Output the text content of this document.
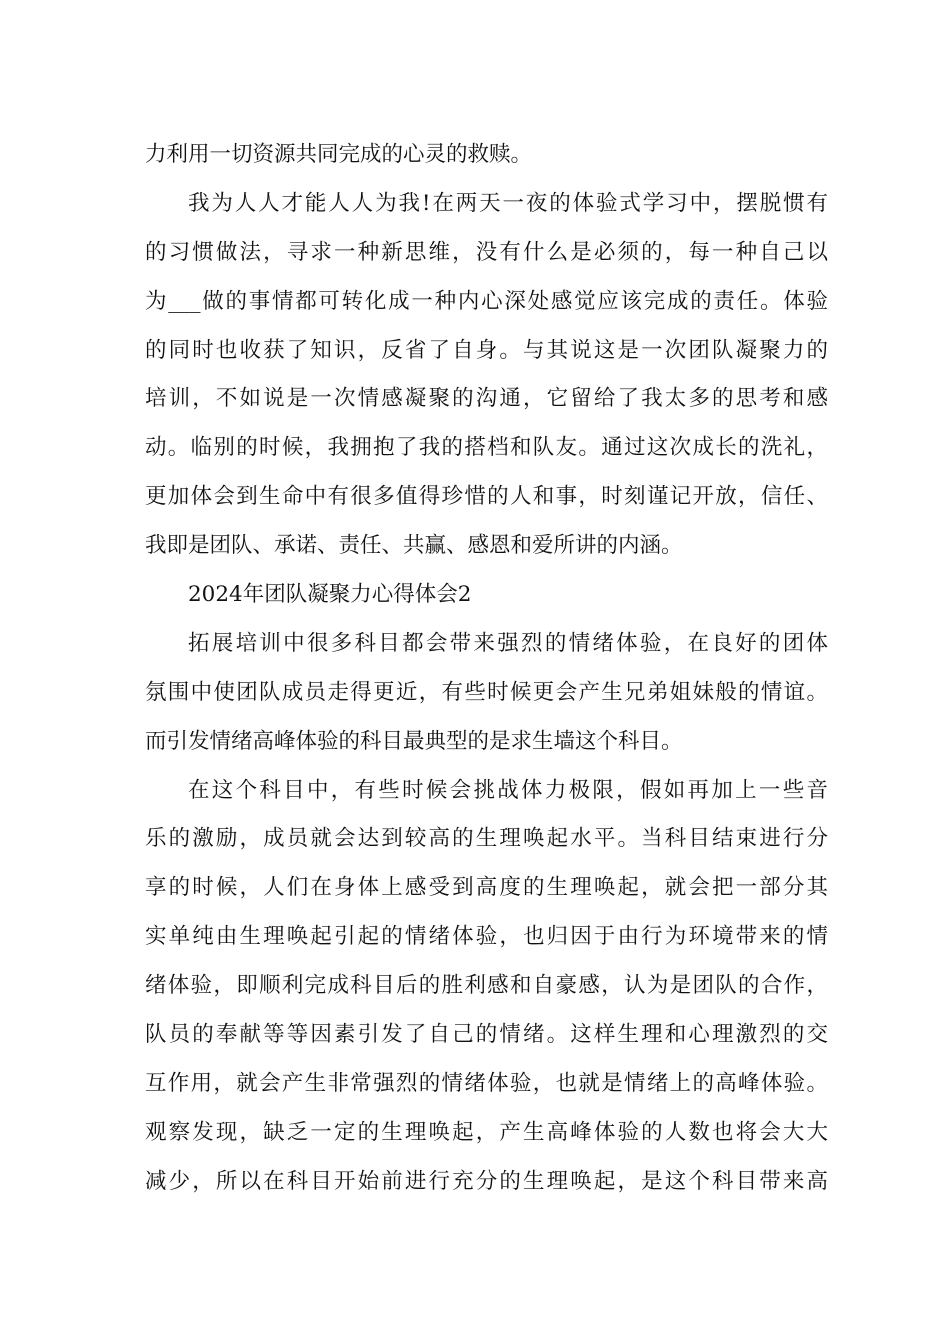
力利用一切资源共同完成的心灵的救赎。
我为人人才能人人为我!在两天一夜的体验式学习中，摆脱惯有
的习惯做法，寻求一种新思维，没有什么是必须的，每一种自己以
为___做的事情都可转化成一种内心深处感觉应该完成的责任。体验
的同时也收获了知识，反省了自身。与其说这是一次团队凝聚力的
培训，不如说是一次情感凝聚的沟通，它留给了我太多的思考和感
动。临别的时候，我拥抱了我的搭档和队友。通过这次成长的洗礼，
更加体会到生命中有很多值得珍惜的人和事，时刻谨记开放，信任、
我即是团队、承诺、责任、共赢、感恩和爱所讲的内涵。
2024年团队凝聚力心得体会2
拓展培训中很多科目都会带来强烈的情绪体验，在良好的团体
氛围中使团队成员走得更近，有些时候更会产生兄弟姐妹般的情谊。
而引发情绪高峰体验的科目最典型的是求生墙这个科目。
在这个科目中，有些时候会挑战体力极限，假如再加上一些音
乐的激励，成员就会达到较高的生理唤起水平。当科目结束进行分
享的时候，人们在身体上感受到高度的生理唤起，就会把一部分其
实单纯由生理唤起引起的情绪体验，也归因于由行为环境带来的情
绪体验，即顺利完成科目后的胜利感和自豪感，认为是团队的合作，
队员的奉献等等因素引发了自己的情绪。这样生理和心理激烈的交
互作用，就会产生非常强烈的情绪体验，也就是情绪上的高峰体验。
观察发现，缺乏一定的生理唤起，产生高峰体验的人数也将会大大
减少，所以在科目开始前进行充分的生理唤起，是这个科目带来高
